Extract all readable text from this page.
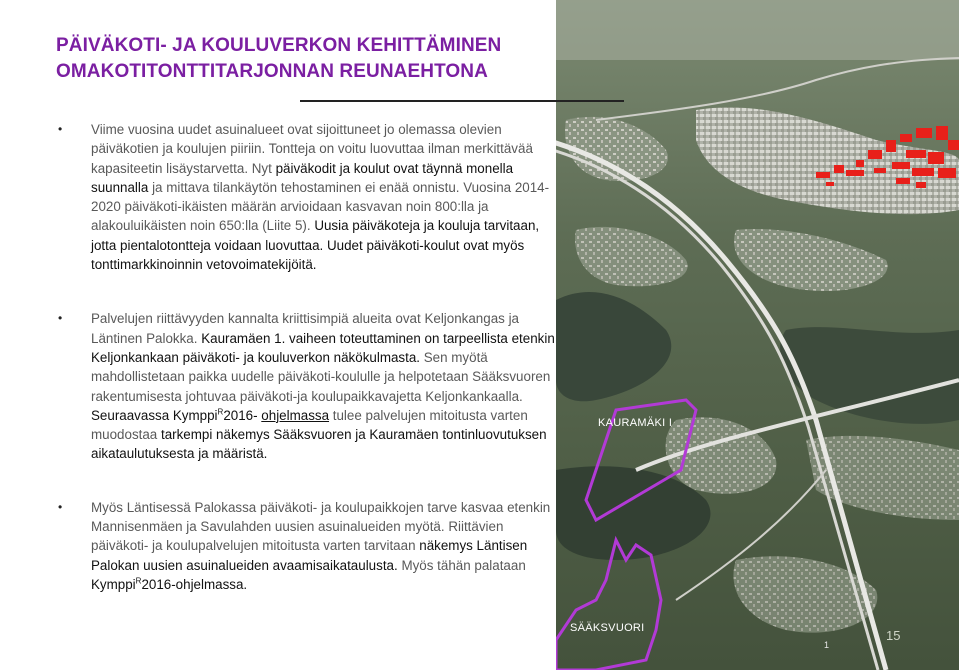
PÄIVÄKOTI- JA KOULUVERKON KEHITTÄMINEN
OMAKOTITONTTITARJONNAN REUNAEHTONA
• Viime vuosina uudet asuinalueet ovat sijoittuneet jo olemassa olevien päiväkotien ja koulujen piiriin. Tontteja on voitu luovuttaa ilman merkittävää kapasiteetin lisäystarvetta. Nyt päiväkodit ja koulut ovat täynnä monella suunnalla ja mittava tilankäytön tehostaminen ei enää onnistu. Vuosina 2014-2020 päiväkoti-ikäisten määrän arvioidaan kasvavan noin 800:lla ja alakouluikäisten noin 650:lla (Liite 5). Uusia päiväkoteja ja kouluja tarvitaan, jotta pientalotontteja voidaan luovuttaa. Uudet päiväkoti-koulut ovat myös tonttimarkkinoinnin vetovoimatekijöitä.
• Palvelujen riittävyyden kannalta kriittisimpiä alueita ovat Keljonkangas ja Läntinen Palokka. Kauramäen 1. vaiheen toteuttaminen on tarpeellista etenkin Keljonkankaan päiväkoti- ja kouluverkon näkökulmasta. Sen myötä mahdollistetaan paikka uudelle päiväkoti-koululle ja helpotetaan Sääksvuoren rakentumisesta johtuvaa päiväkoti-ja koulupaikkavajetta Keljonkankaalla. Seuraavassa Kymppi$^R$2016- ohjelmassa tulee palvelujen mitoitusta varten muodostaa tarkempi näkemys Sääksvuoren ja Kauramäen tontinluovutuksen aikataulutuksesta ja määristä.
• Myös Läntisessä Palokassa päiväkoti- ja koulupaikkojen tarve kasvaa etenkin Mannisenmäen ja Savulahden uusien asuinalueiden myötä. Riittävien päiväkoti- ja koulupalvelujen mitoitusta varten tarvitaan näkemys Läntisen Palokan uusien asuinalueiden avaamisaikataulusta. Myös tähän palataan Kymppi$^R$2016-ohjelmassa.
KAURAMÄKI I
SÄÄKSVUORI
1
15
